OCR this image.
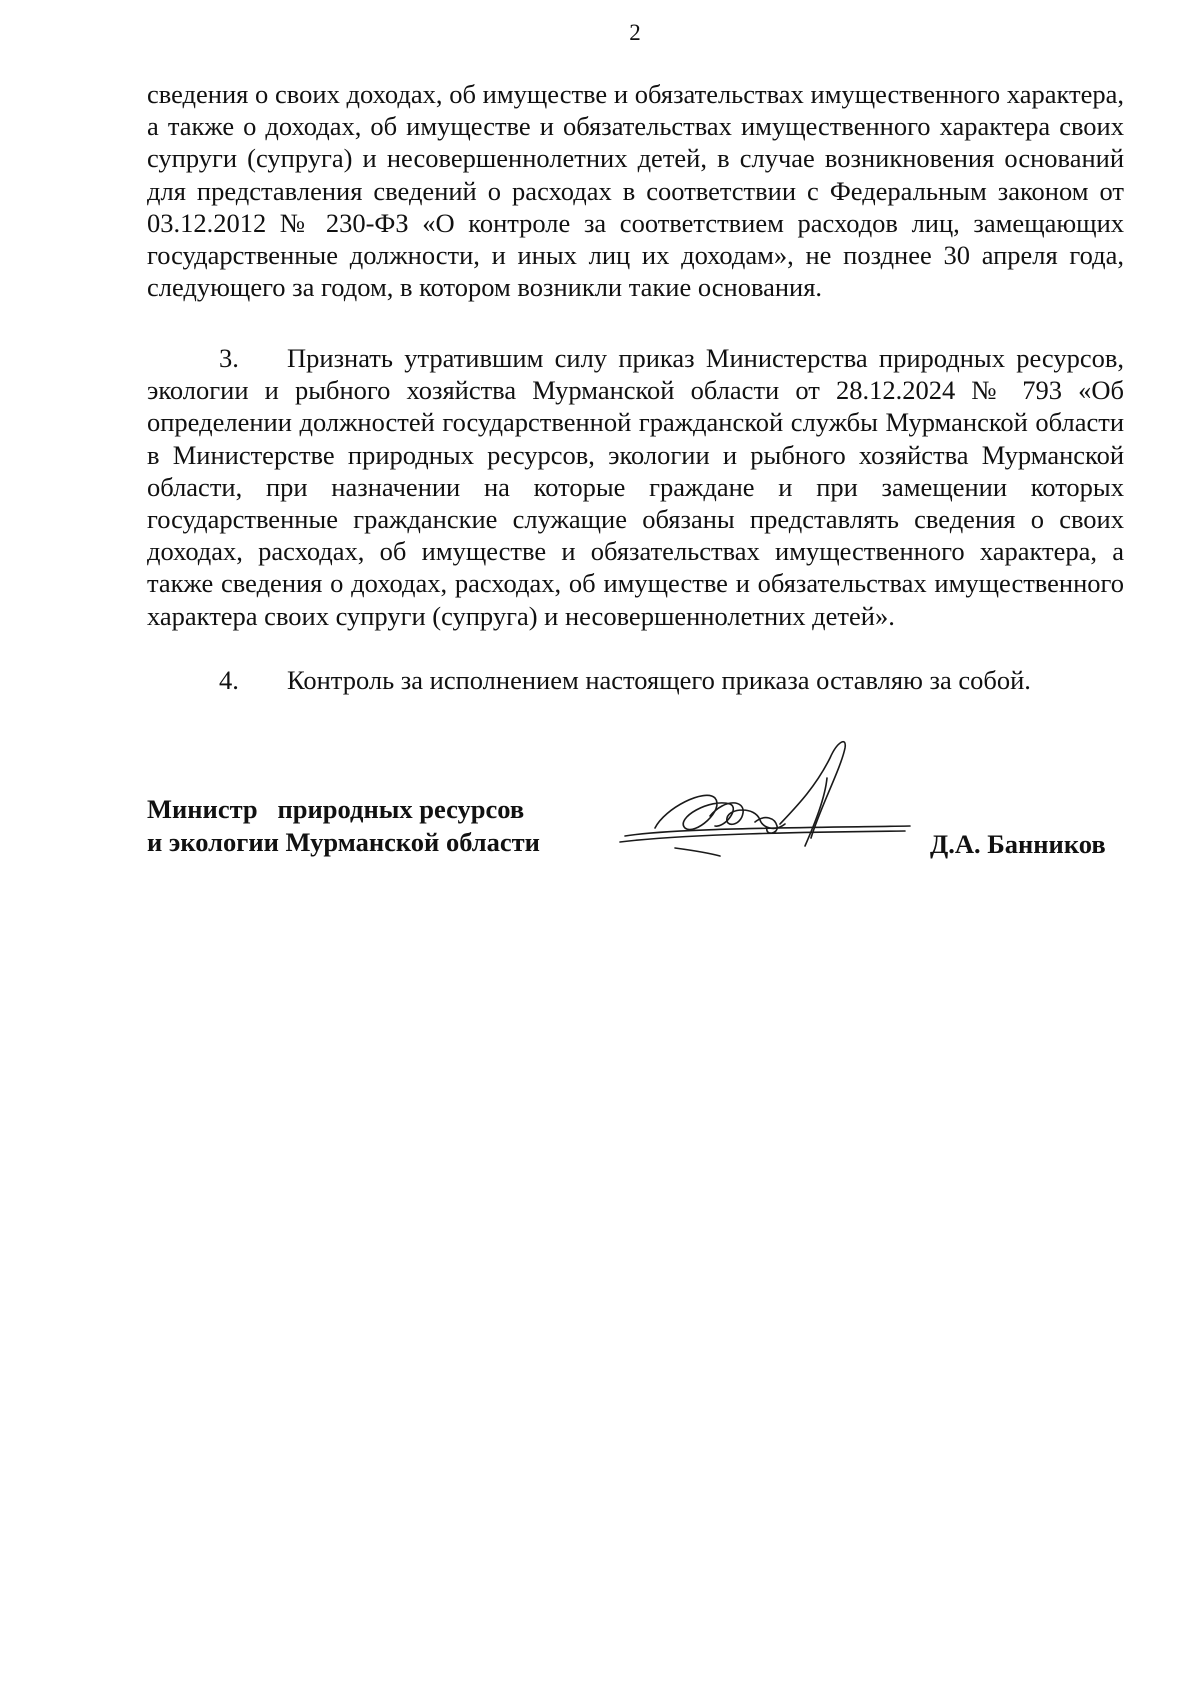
2

сведения о своих доходах, об имуществе и обязательствах имущественного характера, а также о доходах, об имуществе и обязательствах имущественного характера своих супруги (супруга) и несовершеннолетних детей, в случае возникновения оснований для представления сведений о расходах в соответствии с Федеральным законом от 03.12.2012 № 230-ФЗ «О контроле за соответствием расходов лиц, замещающих государственные должности, и иных лиц их доходам», не позднее 30 апреля года, следующего за годом, в котором возникли такие основания.

3. Признать утратившим силу приказ Министерства природных ресурсов, экологии и рыбного хозяйства Мурманской области от 28.12.2024 № 793 «Об определении должностей государственной гражданской службы Мурманской области в Министерстве природных ресурсов, экологии и рыбного хозяйства Мурманской области, при назначении на которые граждане и при замещении которых государственные гражданские служащие обязаны представлять сведения о своих доходах, расходах, об имуществе и обязательствах имущественного характера, а также сведения о доходах, расходах, об имуществе и обязательствах имущественного характера своих супруги (супруга) и несовершеннолетних детей».

4. Контроль за исполнением настоящего приказа оставляю за собой.

Министр   природных ресурсов
и экологии Мурманской области	Д.А. Банников
